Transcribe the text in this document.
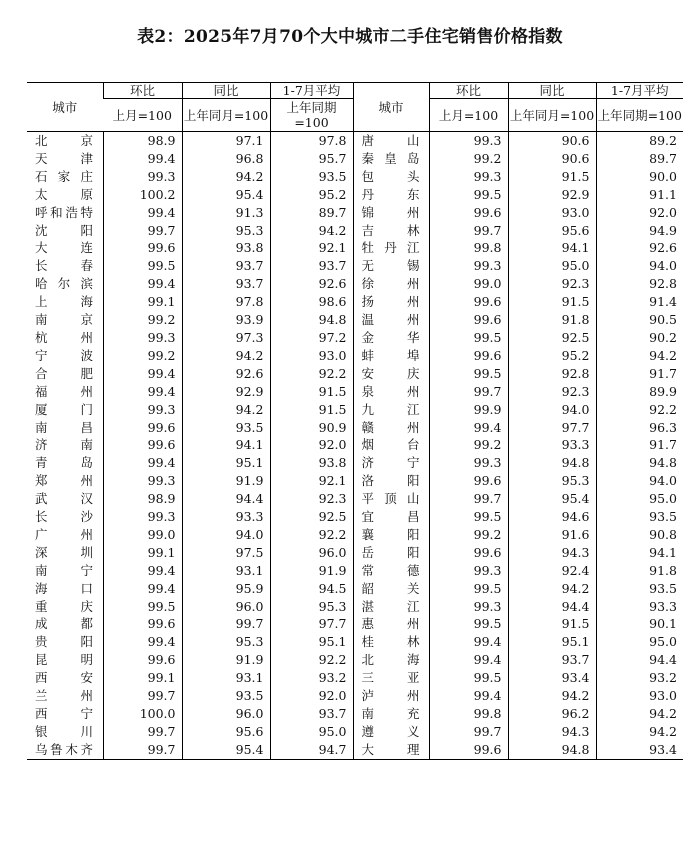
表2：2025年7月70个大中城市二手住宅销售价格指数
城市	环比	同比	1-7月平均	城市	环比	同比	1-7月平均
	上月=100	上年同月=100	上年同期=100		上月=100	上年同月=100	上年同期=100

北京	98.9	97.1	97.8	唐山	99.3	90.6	89.2

天津	99.4	96.8	95.7	秦皇岛	99.2	90.6	89.7

石家庄	99.3	94.2	93.5	包头	99.3	91.5	90.0

太原	100.2	95.4	95.2	丹东	99.5	92.9	91.1

呼和浩特	99.4	91.3	89.7	锦州	99.6	93.0	92.0

沈阳	99.7	95.3	94.2	吉林	99.7	95.6	94.9

大连	99.6	93.8	92.1	牡丹江	99.8	94.1	92.6

长春	99.5	93.7	93.7	无锡	99.3	95.0	94.0

哈尔滨	99.4	93.7	92.6	徐州	99.0	92.3	92.8

上海	99.1	97.8	98.6	扬州	99.6	91.5	91.4

南京	99.2	93.9	94.8	温州	99.6	91.8	90.5

杭州	99.3	97.3	97.2	金华	99.5	92.5	90.2

宁波	99.2	94.2	93.0	蚌埠	99.6	95.2	94.2

合肥	99.4	92.6	92.2	安庆	99.5	92.8	91.7

福州	99.4	92.9	91.5	泉州	99.7	92.3	89.9

厦门	99.3	94.2	91.5	九江	99.9	94.0	92.2

南昌	99.6	93.5	90.9	赣州	99.4	97.7	96.3

济南	99.6	94.1	92.0	烟台	99.2	93.3	91.7

青岛	99.4	95.1	93.8	济宁	99.3	94.8	94.8

郑州	99.3	91.9	92.1	洛阳	99.6	95.3	94.0

武汉	98.9	94.4	92.3	平顶山	99.7	95.4	95.0

长沙	99.3	93.3	92.5	宜昌	99.5	94.6	93.5

广州	99.0	94.0	92.2	襄阳	99.2	91.6	90.8

深圳	99.1	97.5	96.0	岳阳	99.6	94.3	94.1

南宁	99.4	93.1	91.9	常德	99.3	92.4	91.8

海口	99.4	95.9	94.5	韶关	99.5	94.2	93.5

重庆	99.5	96.0	95.3	湛江	99.3	94.4	93.3

成都	99.6	99.7	97.7	惠州	99.5	91.5	90.1

贵阳	99.4	95.3	95.1	桂林	99.4	95.1	95.0

昆明	99.6	91.9	92.2	北海	99.4	93.7	94.4

西安	99.1	93.1	93.2	三亚	99.5	93.4	93.2

兰州	99.7	93.5	92.0	泸州	99.4	94.2	93.0

西宁	100.0	96.0	93.7	南充	99.8	96.2	94.2

银川	99.7	95.6	95.0	遵义	99.7	94.3	94.2

乌鲁木齐	99.7	95.4	94.7	大理	99.6	94.8	93.4
